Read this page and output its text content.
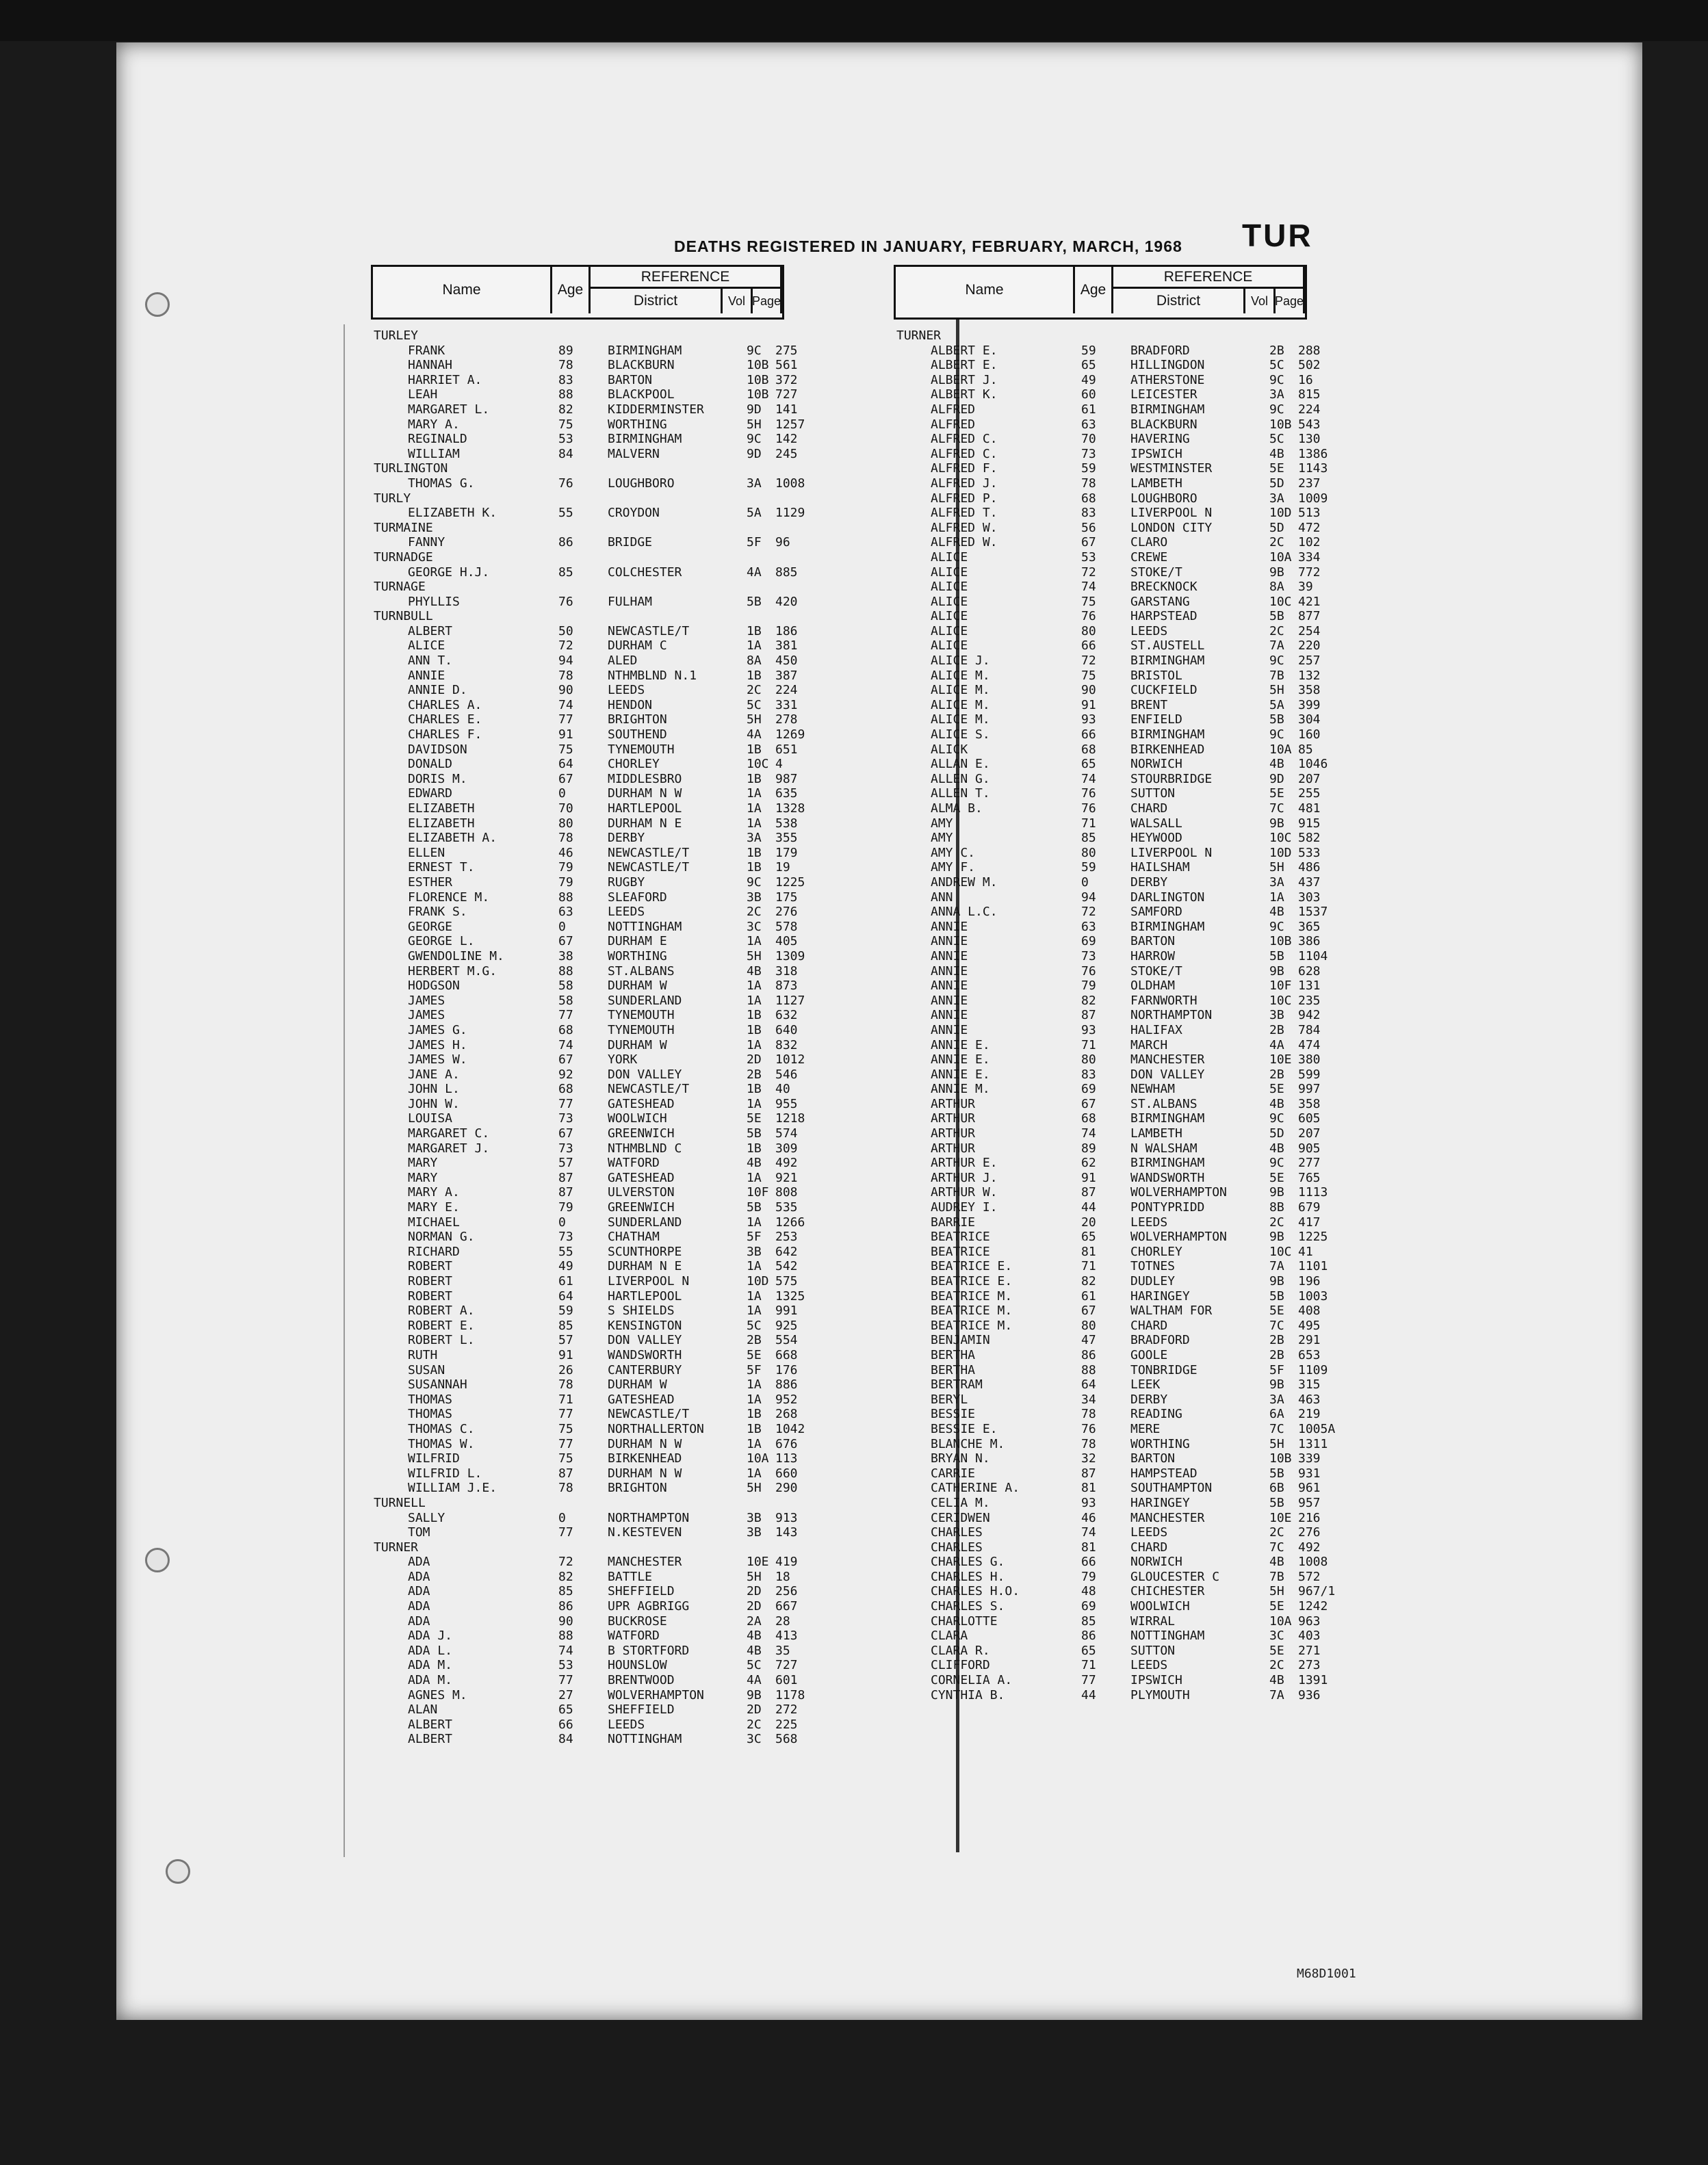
DEATHS REGISTERED IN JANUARY, FEBRUARY, MARCH, 1968 TUR
Name	Age
REFERENCE
District	Vol Page
Name	Age
REFERENCE
District	Vol Page
TURLEY
FRANK	89	BIRMINGHAM	9C 275
HANNAH	78	BLACKBURN	10B 561
HARRIET A.	83	BARTON	10B 372
LEAH	88	BLACKPOOL	10B 727
MARGARET L.	82	KIDDERMINSTER	9D 141
MARY A.	75	WORTHING	5H 1257
REGINALD	53	BIRMINGHAM	9C 142
WILLIAM	84	MALVERN	9D 245
TURLINGTON
THOMAS G.	76	LOUGHBORO	3A 1008
TURLY
ELIZABETH K.	55	CROYDON	5A 1129
TURMAINE
FANNY	86	BRIDGE	5F 96
TURNADGE
GEORGE H.J.	85	COLCHESTER	4A 885
TURNAGE
PHYLLIS	76	FULHAM	5B 420
TURNBULL
ALBERT	50	NEWCASTLE/T	1B 186
ALICE	72	DURHAM C	1A 381
ANN T.	94	ALED	8A 450
ANNIE	78	NTHMBLND N.1	1B 387
ANNIE D.	90	LEEDS	2C 224
CHARLES A.	74	HENDON	5C 331
CHARLES E.	77	BRIGHTON	5H 278
CHARLES F.	91	SOUTHEND	4A 1269
DAVIDSON	75	TYNEMOUTH	1B 651
DONALD	64	CHORLEY	10C 4
DORIS M.	67	MIDDLESBRO	1B 987
EDWARD	0	DURHAM N W	1A 635
ELIZABETH	70	HARTLEPOOL	1A 1328
ELIZABETH	80	DURHAM N E	1A 538
ELIZABETH A.	78	DERBY	3A 355
ELLEN	46	NEWCASTLE/T	1B 179
ERNEST T.	79	NEWCASTLE/T	1B 19
ESTHER	79	RUGBY	9C 1225
FLORENCE M.	88	SLEAFORD	3B 175
FRANK S.	63	LEEDS	2C 276
GEORGE	0	NOTTINGHAM	3C 578
GEORGE L.	67	DURHAM E	1A 405
GWENDOLINE M.	38	WORTHING	5H 1309
HERBERT M.G.	88	ST.ALBANS	4B 318
HODGSON	58	DURHAM W	1A 873
JAMES	58	SUNDERLAND	1A 1127
JAMES	77	TYNEMOUTH	1B 632
JAMES G.	68	TYNEMOUTH	1B 640
JAMES H.	74	DURHAM W	1A 832
JAMES W.	67	YORK	2D 1012
JANE A.	92	DON VALLEY	2B 546
JOHN L.	68	NEWCASTLE/T	1B 40
JOHN W.	77	GATESHEAD	1A 955
LOUISA	73	WOOLWICH	5E 1218
MARGARET C.	67	GREENWICH	5B 574
MARGARET J.	73	NTHMBLND C	1B 309
MARY	57	WATFORD	4B 492
MARY	87	GATESHEAD	1A 921
MARY A.	87	ULVERSTON	10F 808
MARY E.	79	GREENWICH	5B 535
MICHAEL	0	SUNDERLAND	1A 1266
NORMAN G.	73	CHATHAM	5F 253
RICHARD	55	SCUNTHORPE	3B 642
ROBERT	49	DURHAM N E	1A 542
ROBERT	61	LIVERPOOL N	10D 575
ROBERT	64	HARTLEPOOL	1A 1325
ROBERT A.	59	S SHIELDS	1A 991
ROBERT E.	85	KENSINGTON	5C 925
ROBERT L.	57	DON VALLEY	2B 554
RUTH	91	WANDSWORTH	5E 668
SUSAN	26	CANTERBURY	5F 176
SUSANNAH	78	DURHAM W	1A 886
THOMAS	71	GATESHEAD	1A 952
THOMAS	77	NEWCASTLE/T	1B 268
THOMAS C.	75	NORTHALLERTON	1B 1042
THOMAS W.	77	DURHAM N W	1A 676
WILFRID	75	BIRKENHEAD	10A 113
WILFRID L.	87	DURHAM N W	1A 660
WILLIAM J.E.	78	BRIGHTON	5H 290
TURNELL
SALLY	0	NORTHAMPTON	3B 913
TOM	77	N.KESTEVEN	3B 143
TURNER
ADA	72	MANCHESTER	10E 419
ADA	82	BATTLE	5H 18
ADA	85	SHEFFIELD	2D 256
ADA	86	UPR AGBRIGG	2D 667
ADA	90	BUCKROSE	2A 28
ADA J.	88	WATFORD	4B 413
ADA L.	74	B STORTFORD	4B 35
ADA M.	53	HOUNSLOW	5C 727
ADA M.	77	BRENTWOOD	4A 601
AGNES M.	27	WOLVERHAMPTON	9B 1178
ALAN	65	SHEFFIELD	2D 272
ALBERT	66	LEEDS	2C 225
ALBERT	84	NOTTINGHAM	3C 568
TURNER
ALBERT E.	59	BRADFORD	2B 288
ALBERT E.	65	HILLINGDON	5C 502
ALBERT J.	49	ATHERSTONE	9C 16
ALBERT K.	60	LEICESTER	3A 815
ALFRED	61	BIRMINGHAM	9C 224
ALFRED	63	BLACKBURN	10B 543
ALFRED C.	70	HAVERING	5C 130
ALFRED C.	73	IPSWICH	4B 1386
ALFRED F.	59	WESTMINSTER	5E 1143
ALFRED J.	78	LAMBETH	5D 237
ALFRED P.	68	LOUGHBORO	3A 1009
ALFRED T.	83	LIVERPOOL N	10D 513
ALFRED W.	56	LONDON CITY	5D 472
ALFRED W.	67	CLARO	2C 102
ALICE	53	CREWE	10A 334
ALICE	72	STOKE/T	9B 772
ALICE	74	BRECKNOCK	8A 39
ALICE	75	GARSTANG	10C 421
ALICE	76	HARPSTEAD	5B 877
ALICE	80	LEEDS	2C 254
ALICE	66	ST.AUSTELL	7A 220
ALICE J.	72	BIRMINGHAM	9C 257
ALICE M.	75	BRISTOL	7B 132
ALICE M.	90	CUCKFIELD	5H 358
ALICE M.	91	BRENT	5A 399
ALICE M.	93	ENFIELD	5B 304
ALICE S.	66	BIRMINGHAM	9C 160
ALICK	68	BIRKENHEAD	10A 85
ALLAN E.	65	NORWICH	4B 1046
ALLEN G.	74	STOURBRIDGE	9D 207
ALLEN T.	76	SUTTON	5E 255
ALMA B.	76	CHARD	7C 481
AMY	71	WALSALL	9B 915
AMY	85	HEYWOOD	10C 582
AMY C.	80	LIVERPOOL N	10D 533
AMY F.	59	HAILSHAM	5H 486
ANDREW M.	0	DERBY	3A 437
ANN	94	DARLINGTON	1A 303
ANNA L.C.	72	SAMFORD	4B 1537
ANNIE	63	BIRMINGHAM	9C 365
ANNIE	69	BARTON	10B 386
ANNIE	73	HARROW	5B 1104
ANNIE	76	STOKE/T	9B 628
ANNIE	79	OLDHAM	10F 131
ANNIE	82	FARNWORTH	10C 235
ANNIE	87	NORTHAMPTON	3B 942
ANNIE	93	HALIFAX	2B 784
ANNIE E.	71	MARCH	4A 474
ANNIE E.	80	MANCHESTER	10E 380
ANNIE E.	83	DON VALLEY	2B 599
ANNIE M.	69	NEWHAM	5E 997
ARTHUR	67	ST.ALBANS	4B 358
ARTHUR	68	BIRMINGHAM	9C 605
ARTHUR	74	LAMBETH	5D 207
ARTHUR	89	N WALSHAM	4B 905
ARTHUR E.	62	BIRMINGHAM	9C 277
ARTHUR J.	91	WANDSWORTH	5E 765
ARTHUR W.	87	WOLVERHAMPTON	9B 1113
AUDREY I.	44	PONTYPRIDD	8B 679
BARRIE	20	LEEDS	2C 417
BEATRICE	65	WOLVERHAMPTON	9B 1225
BEATRICE	81	CHORLEY	10C 41
BEATRICE E.	71	TOTNES	7A 1101
BEATRICE E.	82	DUDLEY	9B 196
BEATRICE M.	61	HARINGEY	5B 1003
BEATRICE M.	67	WALTHAM FOR	5E 408
BEATRICE M.	80	CHARD	7C 495
BENJAMIN	47	BRADFORD	2B 291
BERTHA	86	GOOLE	2B 653
BERTHA	88	TONBRIDGE	5F 1109
BERTRAM	64	LEEK	9B 315
BERYL	34	DERBY	3A 463
BESSIE	78	READING	6A 219
BESSIE E.	76	MERE	7C 1005A
BLANCHE M.	78	WORTHING	5H 1311
BRYAN N.	32	BARTON	10B 339
CARRIE	87	HAMPSTEAD	5B 931
CATHERINE A.	81	SOUTHAMPTON	6B 961
CELIA M.	93	HARINGEY	5B 957
CERIDWEN	46	MANCHESTER	10E 216
CHARLES	74	LEEDS	2C 276
CHARLES	81	CHARD	7C 492
CHARLES G.	66	NORWICH	4B 1008
CHARLES H.	79	GLOUCESTER C	7B 572
CHARLES H.O.	48	CHICHESTER	5H 967/1
CHARLES S.	69	WOOLWICH	5E 1242
CHARLOTTE	85	WIRRAL	10A 963
CLARA	86	NOTTINGHAM	3C 403
CLARA R.	65	SUTTON	5E 271
CLIFFORD	71	LEEDS	2C 273
CORNELIA A.	77	IPSWICH	4B 1391
CYNTHIA B.	44	PLYMOUTH	7A 936
M68D1001
